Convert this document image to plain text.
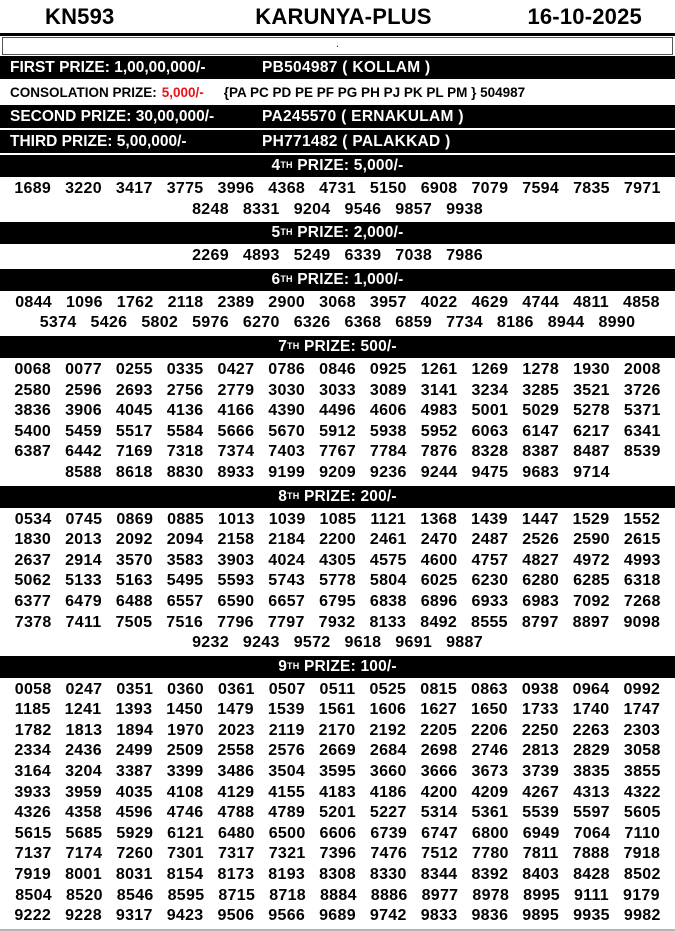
KN593	KARUNYA-PLUS	16-10-2025
.
FIRST PRIZE: 1,00,00,000/-	PB504987 ( KOLLAM )
CONSOLATION PRIZE: 5,000/- {PA PC PD PE PF PG PH PJ PK PL PM } 504987
SECOND PRIZE: 30,00,000/-	PA245570 ( ERNAKULAM )
THIRD PRIZE: 5,00,000/-	PH771482 ( PALAKKAD )
4TH PRIZE: 5,000/-
1689 3220 3417 3775 3996 4368 4731 5150 6908 7079 7594 7835 7971
8248 8331 9204 9546 9857 9938
5TH PRIZE: 2,000/-
2269 4893 5249 6339 7038 7986
6TH PRIZE: 1,000/-
0844 1096 1762 2118 2389 2900 3068 3957 4022 4629 4744 4811 4858
5374 5426 5802 5976 6270 6326 6368 6859 7734 8186 8944 8990
7TH PRIZE: 500/-
0068 0077 0255 0335 0427 0786 0846 0925 1261 1269 1278 1930 2008
2580 2596 2693 2756 2779 3030 3033 3089 3141 3234 3285 3521 3726
3836 3906 4045 4136 4166 4390 4496 4606 4983 5001 5029 5278 5371
5400 5459 5517 5584 5666 5670 5912 5938 5952 6063 6147 6217 6341
6387 6442 7169 7318 7374 7403 7767 7784 7876 8328 8387 8487 8539
8588 8618 8830 8933 9199 9209 9236 9244 9475 9683 9714
8TH PRIZE: 200/-
0534 0745 0869 0885 1013 1039 1085 1121 1368 1439 1447 1529 1552
1830 2013 2092 2094 2158 2184 2200 2461 2470 2487 2526 2590 2615
2637 2914 3570 3583 3903 4024 4305 4575 4600 4757 4827 4972 4993
5062 5133 5163 5495 5593 5743 5778 5804 6025 6230 6280 6285 6318
6377 6479 6488 6557 6590 6657 6795 6838 6896 6933 6983 7092 7268
7378 7411 7505 7516 7796 7797 7932 8133 8492 8555 8797 8897 9098
9232 9243 9572 9618 9691 9887
9TH PRIZE: 100/-
0058 0247 0351 0360 0361 0507 0511 0525 0815 0863 0938 0964 0992
1185 1241 1393 1450 1479 1539 1561 1606 1627 1650 1733 1740 1747
1782 1813 1894 1970 2023 2119 2170 2192 2205 2206 2250 2263 2303
2334 2436 2499 2509 2558 2576 2669 2684 2698 2746 2813 2829 3058
3164 3204 3387 3399 3486 3504 3595 3660 3666 3673 3739 3835 3855
3933 3959 4035 4108 4129 4155 4183 4186 4200 4209 4267 4313 4322
4326 4358 4596 4746 4788 4789 5201 5227 5314 5361 5539 5597 5605
5615 5685 5929 6121 6480 6500 6606 6739 6747 6800 6949 7064 7110
7137 7174 7260 7301 7317 7321 7396 7476 7512 7780 7811 7888 7918
7919 8001 8031 8154 8173 8193 8308 8330 8344 8392 8403 8428 8502
8504 8520 8546 8595 8715 8718 8884 8886 8977 8978 8995 9111 9179
9222 9228 9317 9423 9506 9566 9689 9742 9833 9836 9895 9935 9982
